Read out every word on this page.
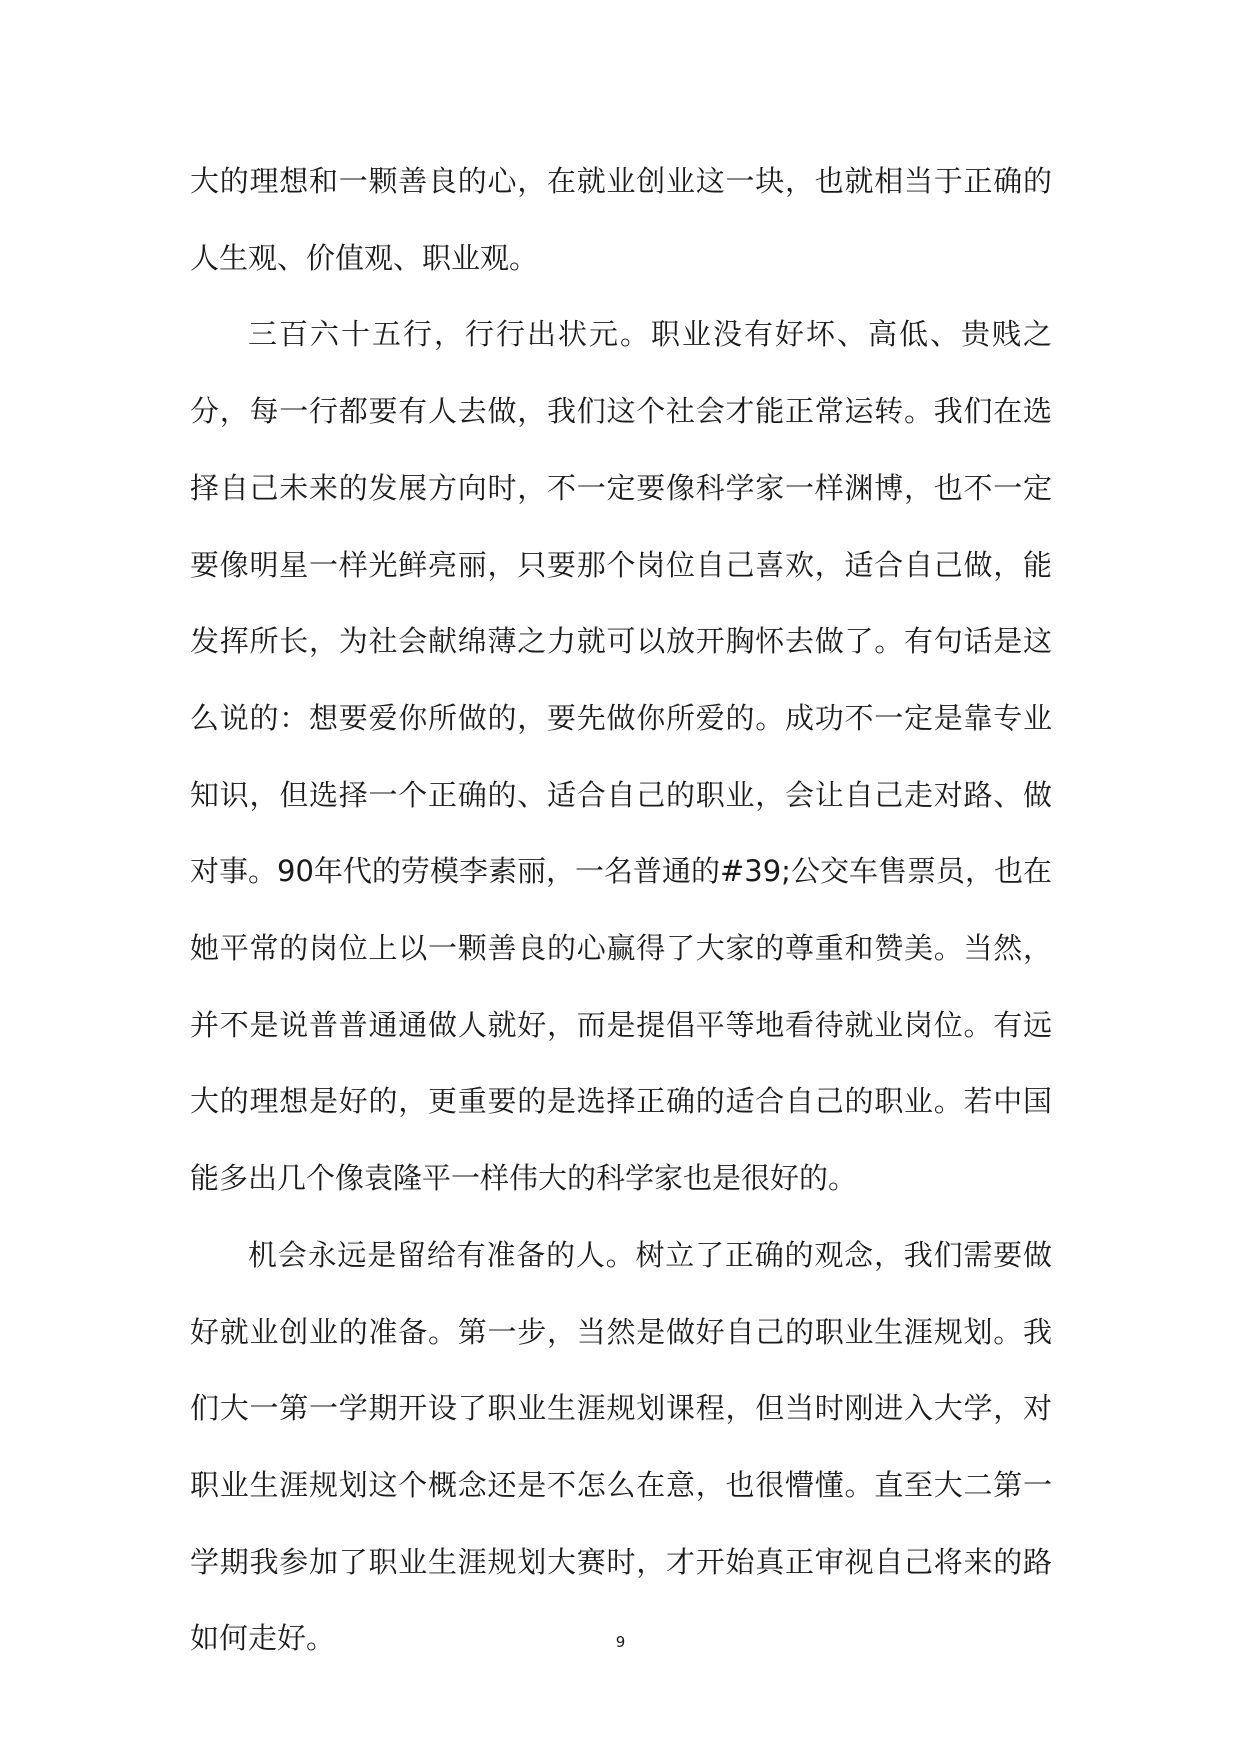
大的理想和一颗善良的心，在就业创业这一块，也就相当于正确的人生观、价值观、职业观。

三百六十五行，行行出状元。职业没有好坏、高低、贵贱之分，每一行都要有人去做，我们这个社会才能正常运转。我们在选择自己未来的发展方向时，不一定要像科学家一样渊博，也不一定要像明星一样光鲜亮丽，只要那个岗位自己喜欢，适合自己做，能发挥所长，为社会献绵薄之力就可以放开胸怀去做了。有句话是这么说的：想要爱你所做的，要先做你所爱的。成功不一定是靠专业知识，但选择一个正确的、适合自己的职业，会让自己走对路、做对事。90年代的劳模李素丽，一名普通的#39;公交车售票员，也在她平常的岗位上以一颗善良的心赢得了大家的尊重和赞美。当然，并不是说普普通通做人就好，而是提倡平等地看待就业岗位。有远大的理想是好的，更重要的是选择正确的适合自己的职业。若中国能多出几个像袁隆平一样伟大的科学家也是很好的。

机会永远是留给有准备的人。树立了正确的观念，我们需要做好就业创业的准备。第一步，当然是做好自己的职业生涯规划。我们大一第一学期开设了职业生涯规划课程，但当时刚进入大学，对职业生涯规划这个概念还是不怎么在意，也很懵懂。直至大二第一学期我参加了职业生涯规划大赛时，才开始真正审视自己将来的路如何走好。	9
